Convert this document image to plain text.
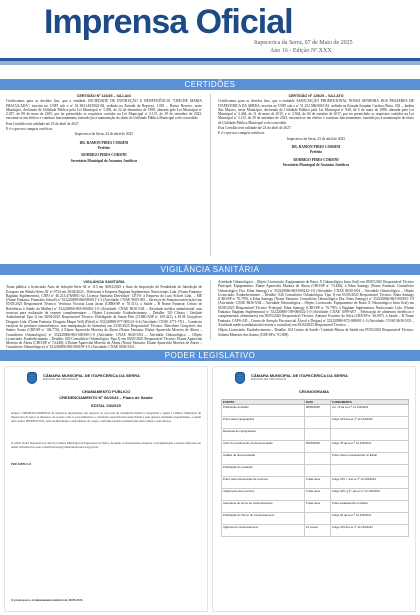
Imprensa Oficial
Itapecerica da Serra, 07 de Maio de 2025
Ano 16 - Edição Nº.XXX
CERTIDÕES

CERTIDÃO Nº 124/25 – SAJ-AIO

Certificamos para os devidos fins, que a entidade SOCIEDADE DE INSTRUÇÃO E BENEFICÊNCIA "CRECHE MARIA IMACULADA", inscrita no CNPJ sob o nº 61.384.149/0022-68, sediada na Estrada da Represa, 1.081 – Bairro Recreio, neste Município, declarada de Utilidade Pública pela Lei Municipal nº 1.058, de 22 de dezembro de 1998, alterada pela Lei Municipal nº 2.457, de 08 de maio de 2015, por ter preenchido os requisitos contidos na Lei Municipal nº 3.115, de 29 de setembro de 2023, encontra-se em efetivo e contínuo funcionamento fazendo jus à manutenção do título de Utilidade Pública Municipal a ela concedido.

Esta Certidão terá validade até 23 de abril de 2027.

E é o que nos cumpria certificar.

Itapecerica da Serra, 24 de abril de 2025

DR. RAMON PIRES CORSINI

Prefeito

RODRIGO PIRES CORSINI

Secretário Municipal de Assuntos Jurídicos

CERTIDÃO Nº 125/25 – SAJ-ATO

Certificamos para os devidos fins, que a entidade ASSOCIAÇÃO PROMOCIONAL NOSSA SENHORA DOS PRAZERES DE ITAPECERICA DA SERRA, inscrita no CNPJ sob o nº 51.252.586/0001-82, sediada na Estrada Joaquim Cardoso Pinto, 502 – Jardim São Marcos, neste Município, declarada de Utilidade Pública pela Lei Municipal nº 940, de 5 de maio de 1980, alterada pela Lei Municipal nº 2.464, de 11 de maio de 2015, e nº 2.564, de 04 de outubro de 2017, por ter preenchido os requisitos contidos na Lei Municipal nº 3.115, de 29 de setembro de 2023, encontra-se em efetivo e contínuo funcionamento, fazendo jus à manutenção do título de Utilidade Pública Municipal a ela concedido.

Esta Certidão terá validade até 24 de abril de 2027.

E é o que nos cumpria certificar.

Itapecerica da Serra, 23 de abril de 2025

DR. RAMON PIRES CORSINI

Prefeito

RODRIGO PIRES CORSINI

Secretário Municipal de Assuntos Jurídicos

VIGILÂNCIA SANITÁRIA

VIGILÂNCIA SANITÁRIA

Torna pública o licenciado Auto de Infração-Série AI nº 113 em 30/04/2025 e Auto de Imposição de Penalidade de Interdição de Estoques em Rótulo-Série AT nº 0734 em 30/04/2025 – Referente à Empresa Bagham Suplementos Nutricionais Ltda. (Nome Fantasia: Bagham Suplementos), CNPJ nº 46.213.476/0001-62; Licença Sanitária Deferida/nº CEVS: à Empresa do Luto Schoel Ltda. – ME (Nome Fantasia: Funerária Schoel) nº 352220498-066-000011-1-2 (Atividade: CNAE 9603-305 – Serviços de Somatoconservação) em 05/05/2025 Responsável Técnico: Verônica Victoria Luna Jacan (CRBS/SP nº 70.313), a Saúde – B Nome Fantasia: Centro de Referência à Saúde da Mulher) nº 352220860-063-000032-1-0 (Atividade: CNAE 8630-5/04 – Atividade médica ambulatorial com recursos para realização de exames complementares – Objeto Licenciado: Estabelecimento – Detalhe: 110 Clínica / Unidade Ambulatorial Tipo I) em 30/04/2025 Responsável Técnico: Fidelágride de Souza Peto (CORE/ASP nº 109.421), à M M Gonçalves Drogaria Ltda. (Nome Fantasia: Drogaria Maqui Vell) (Filial) nº 352220888-077-000141-6-4 (Atividade: CNAE 4771-7/01 – Comércio varejista de produtos farmacêuticos, sem manipulação de fórmulas) em 23/05/2025 Responsável Técnico: Marcileno Gonçalves dos Santos Souza (CRF/SP nº 104.770), à Elaine Aparecida Moreira de Abreu (Nome Fantasia: Elaine Aparecida Moreira de Abreu – Consultório Odontológico) nº 352220806-863-000108-1-0 (Atividade: CNAE 8630-5/04 – Atividade Odontológica – Objeto Licenciado: Estabelecimento – Detalhe: 029 Consultório Odontológico Tipo I) em 05/05/2025 Responsável Técnico: Elaine Aparecida Moreira de Abreu (CRO/SP nº 74.448); à Elaine Aparecida Moreira de Abreu (Nome Fantasia: Elaine Aparecida Moreira de Abreu – Consultório Odontológico) nº 352220806-863-000109-1-0 (Atividade: CNAE 8630-5/04 –

Atividade Odontológica – Objeto Licenciado: Equipamento de Raios X Odontológico Intra Oral) em 05/05/2025 Responsável Técnico Principal: Equipamento: Elaine Aparecida Moreira de Abreu (CRO/SP nº 74.448); à Edna Samogy (Nome Fantasia: Consultório Odontológico Dra. Edna Samogy) nº 352220866-863-000142-1-0 (Atividade: CNAE 8630-5/04 – Atividade Odontológica – Objeto Licenciado: Estabelecimento – Detalhe: 026 Consultório Odontológico Tipo I) em 05/05/2025 Responsável Técnico: Edna Samogy (CRO/SP nº 76.799); à Edna Samogy (Nome Fantasia: Consultório Odontológico Dra. Edna Samogy) nº 352220866-863-000165-1-9 (Atividade: CNAE 8630-5/04 – Atividade Odontológica – Objeto Licenciado: Equipamento de Raios X Odontológico Intra Oral) em 05/05/2025 Responsável Técnico Principal: Edna Samogy (CRO/SP nº 76.799); à Bagham Suplementos Nutricionais Ltda. (Nome Fantasia: Bagham Suplementos) nº 352220880-109-000022-1-0 (Atividade: CNAE 1099-6/07 – Fabricação de alimentos dietéticos e complementos alimentares) em 05/05/2025 Responsável Técnico: Antonio Evaristo da Silva (CRF/SP nº 46.097), à Saúde – B Nome Fantasia: CAPS-AD – Centro de Atenção Psicossocial Álcool e Drogas) nº 352220980-872-000081-1-3 (Atividade: CNAE 8630-5/03 – Atividade médica ambulatorial restrita a consultas) em 30/04/2025 Responsável Técnico: ...

Objeto Licenciado: Estabelecimento – Detalhe: 104 Centro de Saúde / Unidade Básica de Saúde em 07/05/2025 Responsável Técnico: Sidneia Menezes dos Santos (CRF/SP nº 91.809).

PODER LEGISLATIVO
CÂMARA MUNICIPAL DE ITAPECERICA DA SERRA
ESTADO DE SÃO PAULO
CHAMAMENTO PÚBLICO
CREDENCIAMENTO Nº 06/2024 – Plano de Saúde
EDITAL 03/2025
Objeto: CREDENCIAMENTO de empresas interessadas em oferecer ao seu rede de assistência médica e hospitalar a quem a Câmara Municipal de Itapecerica da Serra se interessa, de acordo com os procedimentos e condições especificados neste Edital e seus anexos, mediante requerimento, o edital tem caráter INSTRUTIVO, sem exclusividade e sem número de vagas, conforme normas estabelecidas neste edital e seus anexos.
O edital ficará disponível no site da Câmara Municipal de Itapecerica da Serra, devendo os interessados observar a documentação e prazos indicados no edital. Informações pelo e-mail licitacao@camaraitapecerica.sp.gov.br.
PREÂMBULO
O prazo para o credenciamento inicial é de 30/05/2025.
CÂMARA MUNICIPAL DE ITAPECERICA DA SERRA
ESTADO DE SÃO PAULO
CRONOGRAMA
EVENTO	DATA	FUNDAMENTO
Publicação do Edital	08/05/2025	Art. 79 da Lei nº 14.133/2021
Prazo para impugnações		Artigo 164 da Lei nº 14.133/2021
Resposta às impugnações		
Início do recebimento da documentação	09/05/2025	Artigo 78 da Lei nº 14.133/2021
Análise da documentação		Prazo interno estabelecido no Edital
Publicação do resultado		
Prazo para interposição de recursos	3 dias úteis	Artigo 165, I, da Lei nº 14.133/2021
Julgamento dos recursos	3 dias úteis	Artigo 165, § 2º, da Lei nº 14.133/2021
Assinatura do termo de credenciamento	5 dias úteis	Prazo estabelecido no Edital
Publicação do Termo de Credenciamento		Artigo 94 da Lei nº 14.133/2021
Vigência do credenciamento	12 meses	Artigo 105 da Lei nº 14.133/2021
